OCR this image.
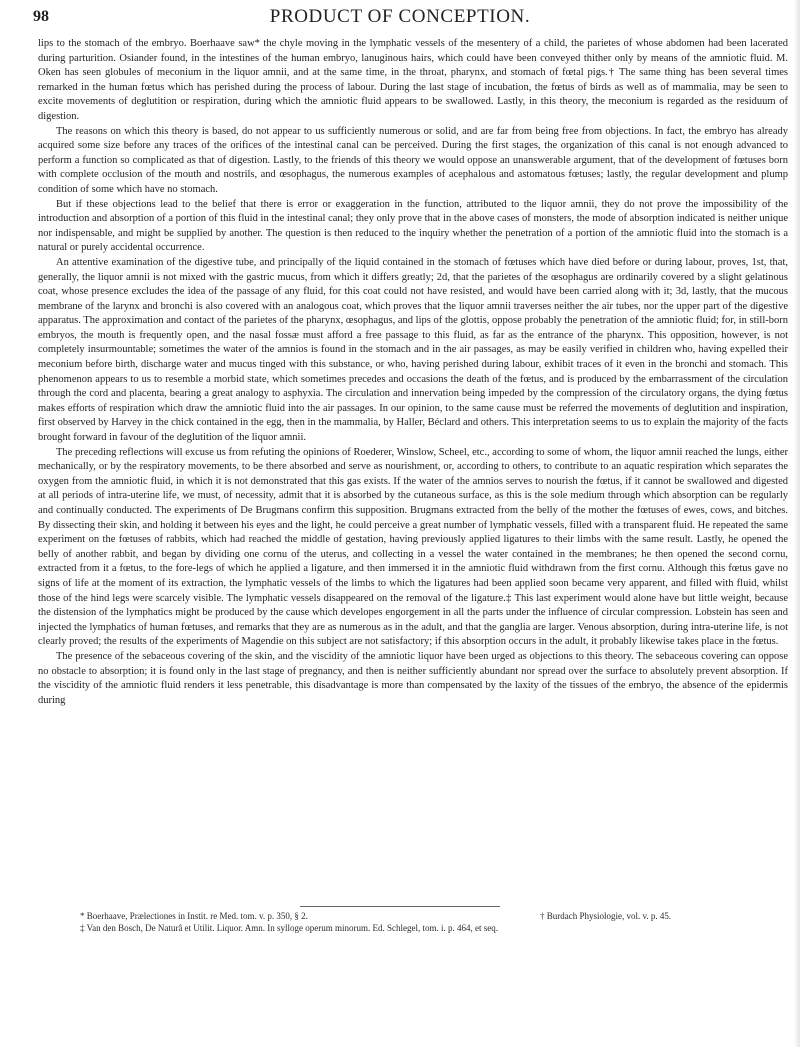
98	PRODUCT OF CONCEPTION.

lips to the stomach of the embryo. Boerhaave saw* the chyle moving in the lymphatic vessels of the mesentery of a child, the parietes of whose abdomen had been lacerated during parturition. Osiander found, in the intestines of the human embryo, lanuginous hairs, which could have been conveyed thither only by means of the amniotic fluid. M. Oken has seen globules of meconium in the liquor amnii, and at the same time, in the throat, pharynx, and stomach of fœtal pigs.† The same thing has been several times remarked in the human fœtus which has perished during the process of labour. During the last stage of incubation, the fœtus of birds as well as of mammalia, may be seen to excite movements of deglutition or respiration, during which the amniotic fluid appears to be swallowed. Lastly, in this theory, the meconium is regarded as the residuum of digestion.

The reasons on which this theory is based, do not appear to us sufficiently numerous or solid, and are far from being free from objections. In fact, the embryo has already acquired some size before any traces of the orifices of the intestinal canal can be perceived. During the first stages, the organization of this canal is not enough advanced to perform a function so complicated as that of digestion. Lastly, to the friends of this theory we would oppose an unanswerable argument, that of the development of fœtuses born with complete occlusion of the mouth and nostrils, and œsophagus, the numerous examples of acephalous and astomatous fœtuses; lastly, the regular development and plump condition of some which have no stomach.

But if these objections lead to the belief that there is error or exaggeration in the function, attributed to the liquor amnii, they do not prove the impossibility of the introduction and absorption of a portion of this fluid in the intestinal canal; they only prove that in the above cases of monsters, the mode of absorption indicated is neither unique nor indispensable, and might be supplied by another. The question is then reduced to the inquiry whether the penetration of a portion of the amniotic fluid into the stomach is a natural or purely accidental occurrence.

An attentive examination of the digestive tube, and principally of the liquid contained in the stomach of fœtuses which have died before or during labour, proves, 1st, that, generally, the liquor amnii is not mixed with the gastric mucus, from which it differs greatly; 2d, that the parietes of the œsophagus are ordinarily covered by a slight gelatinous coat, whose presence excludes the idea of the passage of any fluid, for this coat could not have resisted, and would have been carried along with it; 3d, lastly, that the mucous membrane of the larynx and bronchi is also covered with an analogous coat, which proves that the liquor amnii traverses neither the air tubes, nor the upper part of the digestive apparatus. The approximation and contact of the parietes of the pharynx, œsophagus, and lips of the glottis, oppose probably the penetration of the amniotic fluid; for, in still-born embryos, the mouth is frequently open, and the nasal fossæ must afford a free passage to this fluid, as far as the entrance of the pharynx. This opposition, however, is not completely insurmountable; sometimes the water of the amnios is found in the stomach and in the air passages, as may be easily verified in children who, having expelled their meconium before birth, discharge water and mucus tinged with this substance, or who, having perished during labour, exhibit traces of it even in the bronchi and stomach. This phenomenon appears to us to resemble a morbid state, which sometimes precedes and occasions the death of the fœtus, and is produced by the embarrassment of the circulation through the cord and placenta, bearing a great analogy to asphyxia. The circulation and innervation being impeded by the compression of the circulatory organs, the dying fœtus makes efforts of respiration which draw the amniotic fluid into the air passages. In our opinion, to the same cause must be referred the movements of deglutition and inspiration, first observed by Harvey in the chick contained in the egg, then in the mammalia, by Haller, Béclard and others. This interpretation seems to us to explain the majority of the facts brought forward in favour of the deglutition of the liquor amnii.

The preceding reflections will excuse us from refuting the opinions of Roederer, Winslow, Scheel, etc., according to some of whom, the liquor amnii reached the lungs, either mechanically, or by the respiratory movements, to be there absorbed and serve as nourishment, or, according to others, to contribute to an aquatic respiration which separates the oxygen from the amniotic fluid, in which it is not demonstrated that this gas exists. If the water of the amnios serves to nourish the fœtus, if it cannot be swallowed and digested at all periods of intra-uterine life, we must, of necessity, admit that it is absorbed by the cutaneous surface, as this is the sole medium through which absorption can be regularly and continually conducted. The experiments of De Brugmans confirm this supposition. Brugmans extracted from the belly of the mother the fœtuses of ewes, cows, and bitches. By dissecting their skin, and holding it between his eyes and the light, he could perceive a great number of lymphatic vessels, filled with a transparent fluid. He repeated the same experiment on the fœtuses of rabbits, which had reached the middle of gestation, having previously applied ligatures to their limbs with the same result. Lastly, he opened the belly of another rabbit, and began by dividing one cornu of the uterus, and collecting in a vessel the water contained in the membranes; he then opened the second cornu, extracted from it a fœtus, to the fore-legs of which he applied a ligature, and then immersed it in the amniotic fluid withdrawn from the first cornu. Although this fœtus gave no signs of life at the moment of its extraction, the lymphatic vessels of the limbs to which the ligatures had been applied soon became very apparent, and filled with fluid, whilst those of the hind legs were scarcely visible. The lymphatic vessels disappeared on the removal of the ligature.‡ This last experiment would alone have but little weight, because the distension of the lymphatics might be produced by the cause which developes engorgement in all the parts under the influence of circular compression. Lobstein has seen and injected the lymphatics of human fœtuses, and remarks that they are as numerous as in the adult, and that the ganglia are larger. Venous absorption, during intra-uterine life, is not clearly proved; the results of the experiments of Magendie on this subject are not satisfactory; if this absorption occurs in the adult, it probably likewise takes place in the fœtus.

The presence of the sebaceous covering of the skin, and the viscidity of the amniotic liquor have been urged as objections to this theory. The sebaceous covering can oppose no obstacle to absorption; it is found only in the last stage of pregnancy, and then is neither sufficiently abundant nor spread over the surface to absolutely prevent absorption. If the viscidity of the amniotic fluid renders it less penetrable, this disadvantage is more than compensated by the laxity of the tissues of the embryo, the absence of the epidermis during

* Boerhaave, Prælectiones in Instit. re Med. tom. v. p. 350, § 2.	† Burdach Physiologie, vol. v. p. 45.
‡ Van den Bosch, De Naturâ et Utilit. Liquor. Amn. In sylloge operum minorum. Ed. Schlegel, tom. i. p. 464, et seq.
